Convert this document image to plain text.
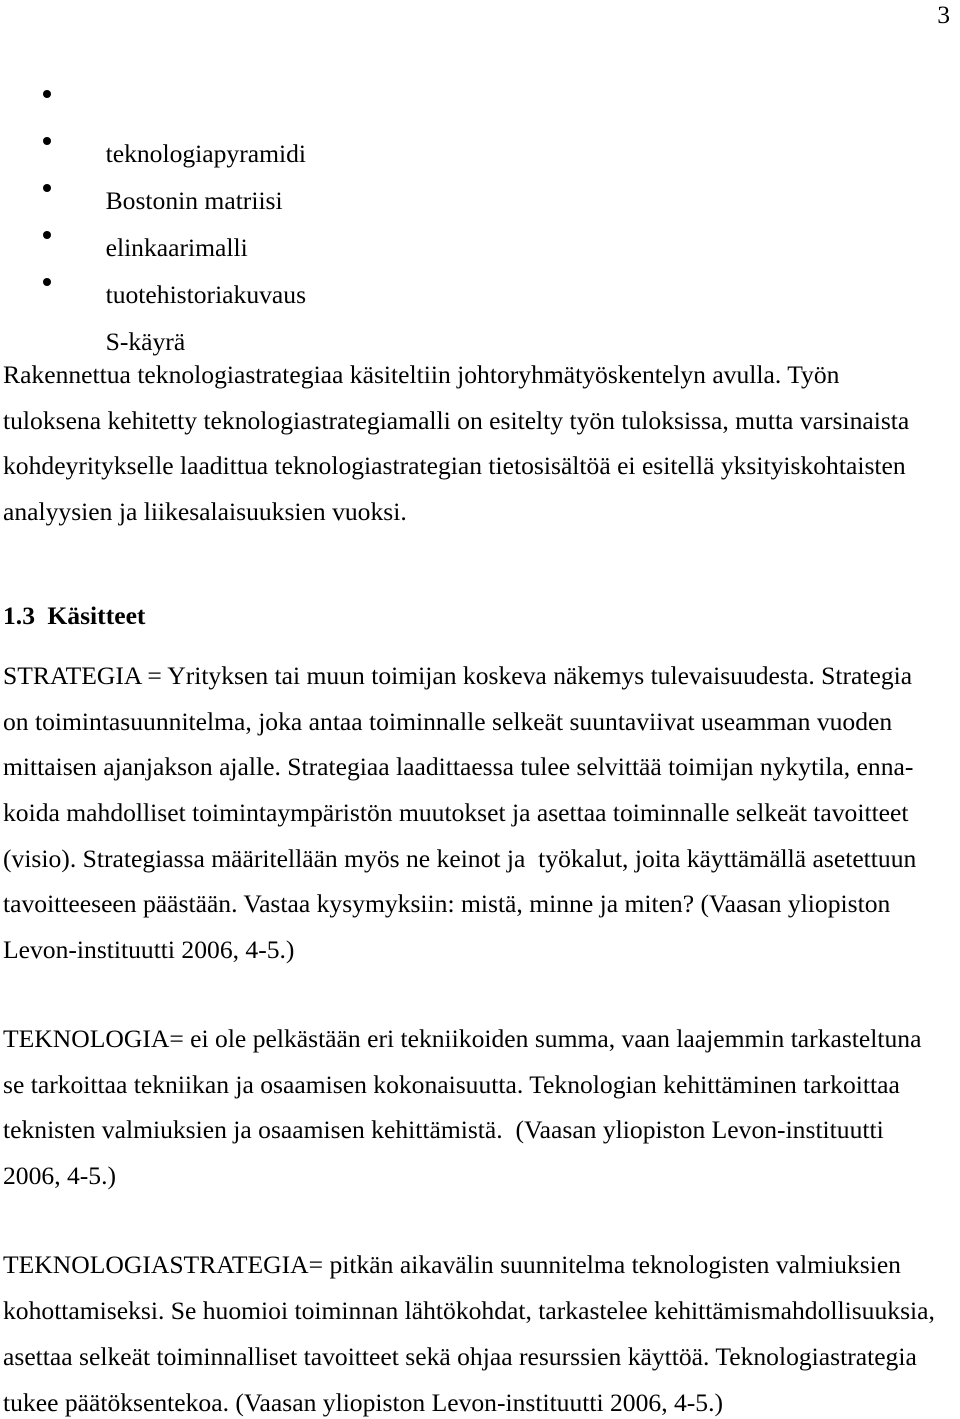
3

teknologiapyramidi

Bostonin matriisi

elinkaarimalli

tuotehistoriakuvaus

S-käyrä

Rakennettua teknologiastrategiaa käsiteltiin johtoryhmätyöskentelyn avulla. Työn
tuloksena kehitetty teknologiastrategiamalli on esitelty työn tuloksissa, mutta varsinaista
kohdeyritykselle laadittua teknologiastrategian tietosisältöä ei esitellä yksityiskohtaisten
analyysien ja liikesalaisuuksien vuoksi.
1.3 Käsitteet
STRATEGIA = Yrityksen tai muun toimijan koskeva näkemys tulevaisuudesta. Strategia
on toimintasuunnitelma, joka antaa toiminnalle selkeät suuntaviivat useamman vuoden
mittaisen ajanjakson ajalle. Strategiaa laadittaessa tulee selvittää toimijan nykytila, enna-
koida mahdolliset toimintaympäristön muutokset ja asettaa toiminnalle selkeät tavoitteet
(visio). Strategiassa määritellään myös ne keinot ja  työkalut, joita käyttämällä asetettuun
tavoitteeseen päästään. Vastaa kysymyksiin: mistä, minne ja miten? (Vaasan yliopiston
Levon-instituutti 2006, 4-5.)
TEKNOLOGIA= ei ole pelkästään eri tekniikoiden summa, vaan laajemmin tarkasteltuna
se tarkoittaa tekniikan ja osaamisen kokonaisuutta. Teknologian kehittäminen tarkoittaa
teknisten valmiuksien ja osaamisen kehittämistä.  (Vaasan yliopiston Levon-instituutti
2006, 4-5.)
TEKNOLOGIASTRATEGIA= pitkän aikavälin suunnitelma teknologisten valmiuksien
kohottamiseksi. Se huomioi toiminnan lähtökohdat, tarkastelee kehittämismahdollisuuksia,
asettaa selkeät toiminnalliset tavoitteet sekä ohjaa resurssien käyttöä. Teknologiastrategia
tukee päätöksentekoa. (Vaasan yliopiston Levon-instituutti 2006, 4-5.)
